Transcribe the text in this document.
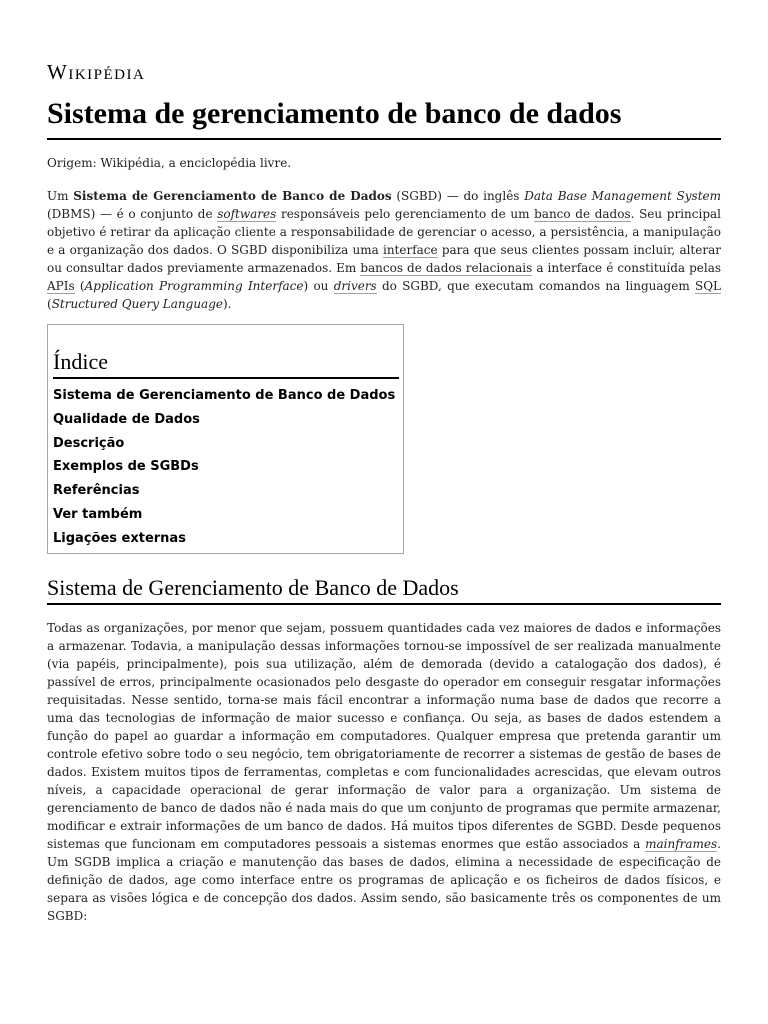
Wikipédia
Sistema de gerenciamento de banco de dados
Origem: Wikipédia, a enciclopédia livre.

Um Sistema de Gerenciamento de Banco de Dados (SGBD) — do inglês Data Base Management System (DBMS) — é o conjunto de softwares responsáveis pelo gerenciamento de um banco de dados. Seu principal objetivo é retirar da aplicação cliente a responsabilidade de gerenciar o acesso, a persistência, a manipulação e a organização dos dados. O SGBD disponibiliza uma interface para que seus clientes possam incluir, alterar ou consultar dados previamente armazenados. Em bancos de dados relacionais a interface é constituída pelas APIs (Application Programming Interface) ou drivers do SGBD, que executam comandos na linguagem SQL (Structured Query Language).

Índice
Sistema de Gerenciamento de Banco de Dados
Qualidade de Dados
Descrição
Exemplos de SGBDs
Referências
Ver também
Ligações externas
Sistema de Gerenciamento de Banco de Dados

Todas as organizações, por menor que sejam, possuem quantidades cada vez maiores de dados e informações a armazenar. Todavia, a manipulação dessas informações tornou-se impossível de ser realizada manualmente (via papéis, principalmente), pois sua utilização, além de demorada (devido a catalogação dos dados), é passível de erros, principalmente ocasionados pelo desgaste do operador em conseguir resgatar informações requisitadas. Nesse sentido, torna-se mais fácil encontrar a informação numa base de dados que recorre a uma das tecnologias de informação de maior sucesso e confiança. Ou seja, as bases de dados estendem a função do papel ao guardar a informação em computadores. Qualquer empresa que pretenda garantir um controle efetivo sobre todo o seu negócio, tem obrigatoriamente de recorrer a sistemas de gestão de bases de dados. Existem muitos tipos de ferramentas, completas e com funcionalidades acrescidas, que elevam outros níveis, a capacidade operacional de gerar informação de valor para a organização. Um sistema de gerenciamento de banco de dados não é nada mais do que um conjunto de programas que permite armazenar, modificar e extrair informações de um banco de dados. Há muitos tipos diferentes de SGBD. Desde pequenos sistemas que funcionam em computadores pessoais a sistemas enormes que estão associados a mainframes. Um SGDB implica a criação e manutenção das bases de dados, elimina a necessidade de especificação de definição de dados, age como interface entre os programas de aplicação e os ficheiros de dados físicos, e separa as visões lógica e de concepção dos dados. Assim sendo, são basicamente três os componentes de um SGBD:
